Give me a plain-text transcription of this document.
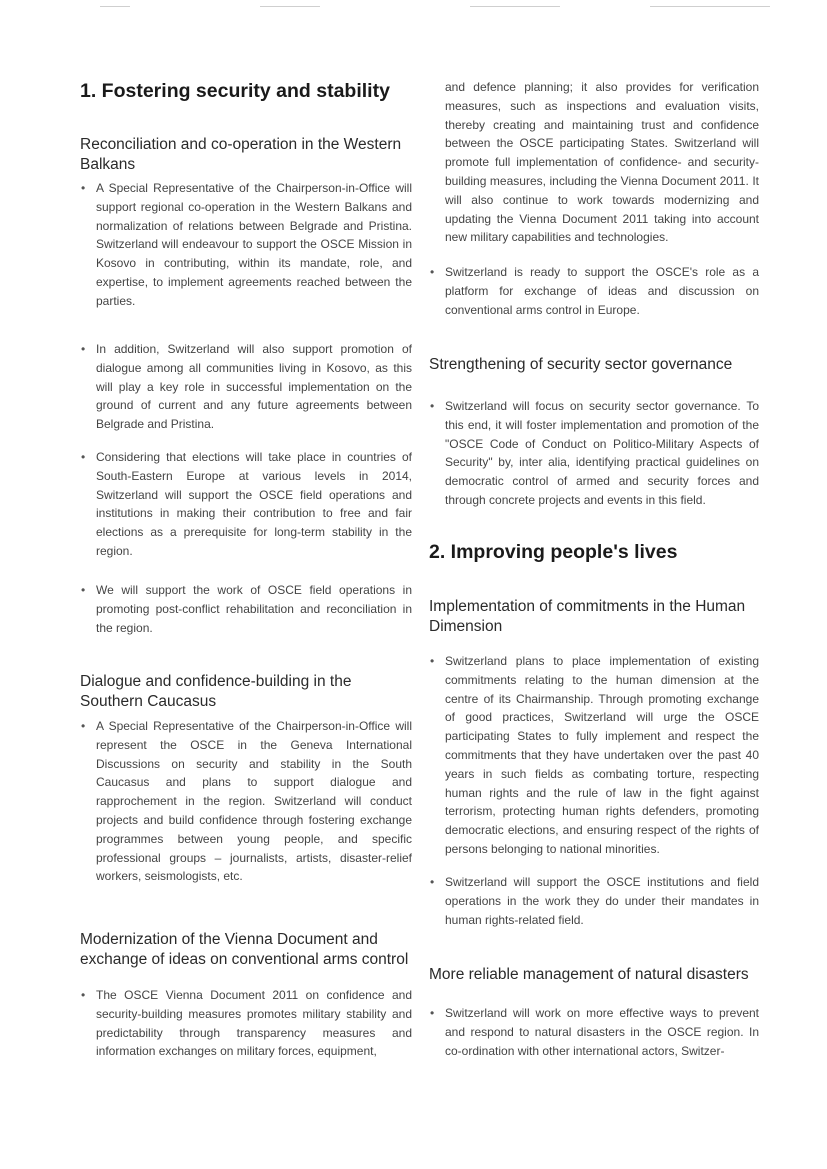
1. Fostering security and stability
Reconciliation and co-operation in the Western Balkans

• A Special Representative of the Chairperson-in-Office will support regional co-operation in the Western Balkans and normalization of relations between Belgrade and Pristina. Switzerland will endeavour to support the OSCE Mission in Kosovo in contributing, within its mandate, role, and expertise, to implement agreements reached between the parties.

• In addition, Switzerland will also support promotion of dialogue among all communities living in Kosovo, as this will play a key role in successful implementation on the ground of current and any future agreements between Belgrade and Pristina.

• Considering that elections will take place in countries of South-Eastern Europe at various levels in 2014, Switzerland will support the OSCE field operations and institutions in making their contribution to free and fair elections as a prerequisite for long-term stability in the region.

• We will support the work of OSCE field operations in promoting post-conflict rehabilitation and reconciliation in the region.

Dialogue and confidence-building in the Southern Caucasus

• A Special Representative of the Chairperson-in-Office will represent the OSCE in the Geneva International Discussions on security and stability in the South Caucasus and plans to support dialogue and rapprochement in the region. Switzerland will conduct projects and build confidence through fostering exchange programmes between young people, and specific professional groups – journalists, artists, disaster-relief workers, seismologists, etc.

Modernization of the Vienna Document and exchange of ideas on conventional arms control

• The OSCE Vienna Document 2011 on confidence and security-building measures promotes military stability and predictability through transparency measures and information exchanges on military forces, equipment,

and defence planning; it also provides for verification measures, such as inspections and evaluation visits, thereby creating and maintaining trust and confidence between the OSCE participating States. Switzerland will promote full implementation of confidence- and security-building measures, including the Vienna Document 2011. It will also continue to work towards modernizing and updating the Vienna Document 2011 taking into account new military capabilities and technologies.

• Switzerland is ready to support the OSCE's role as a platform for exchange of ideas and discussion on conventional arms control in Europe.

Strengthening of security sector governance

• Switzerland will focus on security sector governance. To this end, it will foster implementation and promotion of the "OSCE Code of Conduct on Politico-Military Aspects of Security" by, inter alia, identifying practical guidelines on democratic control of armed and security forces and through concrete projects and events in this field.

2. Improving people's lives
Implementation of commitments in the Human Dimension

• Switzerland plans to place implementation of existing commitments relating to the human dimension at the centre of its Chairmanship. Through promoting exchange of good practices, Switzerland will urge the OSCE participating States to fully implement and respect the commitments that they have undertaken over the past 40 years in such fields as combating torture, respecting human rights and the rule of law in the fight against terrorism, protecting human rights defenders, promoting democratic elections, and ensuring respect of the rights of persons belonging to national minorities.

• Switzerland will support the OSCE institutions and field operations in the work they do under their mandates in human rights-related field.

More reliable management of natural disasters

• Switzerland will work on more effective ways to prevent and respond to natural disasters in the OSCE region. In co-ordination with other international actors, Switzer-
